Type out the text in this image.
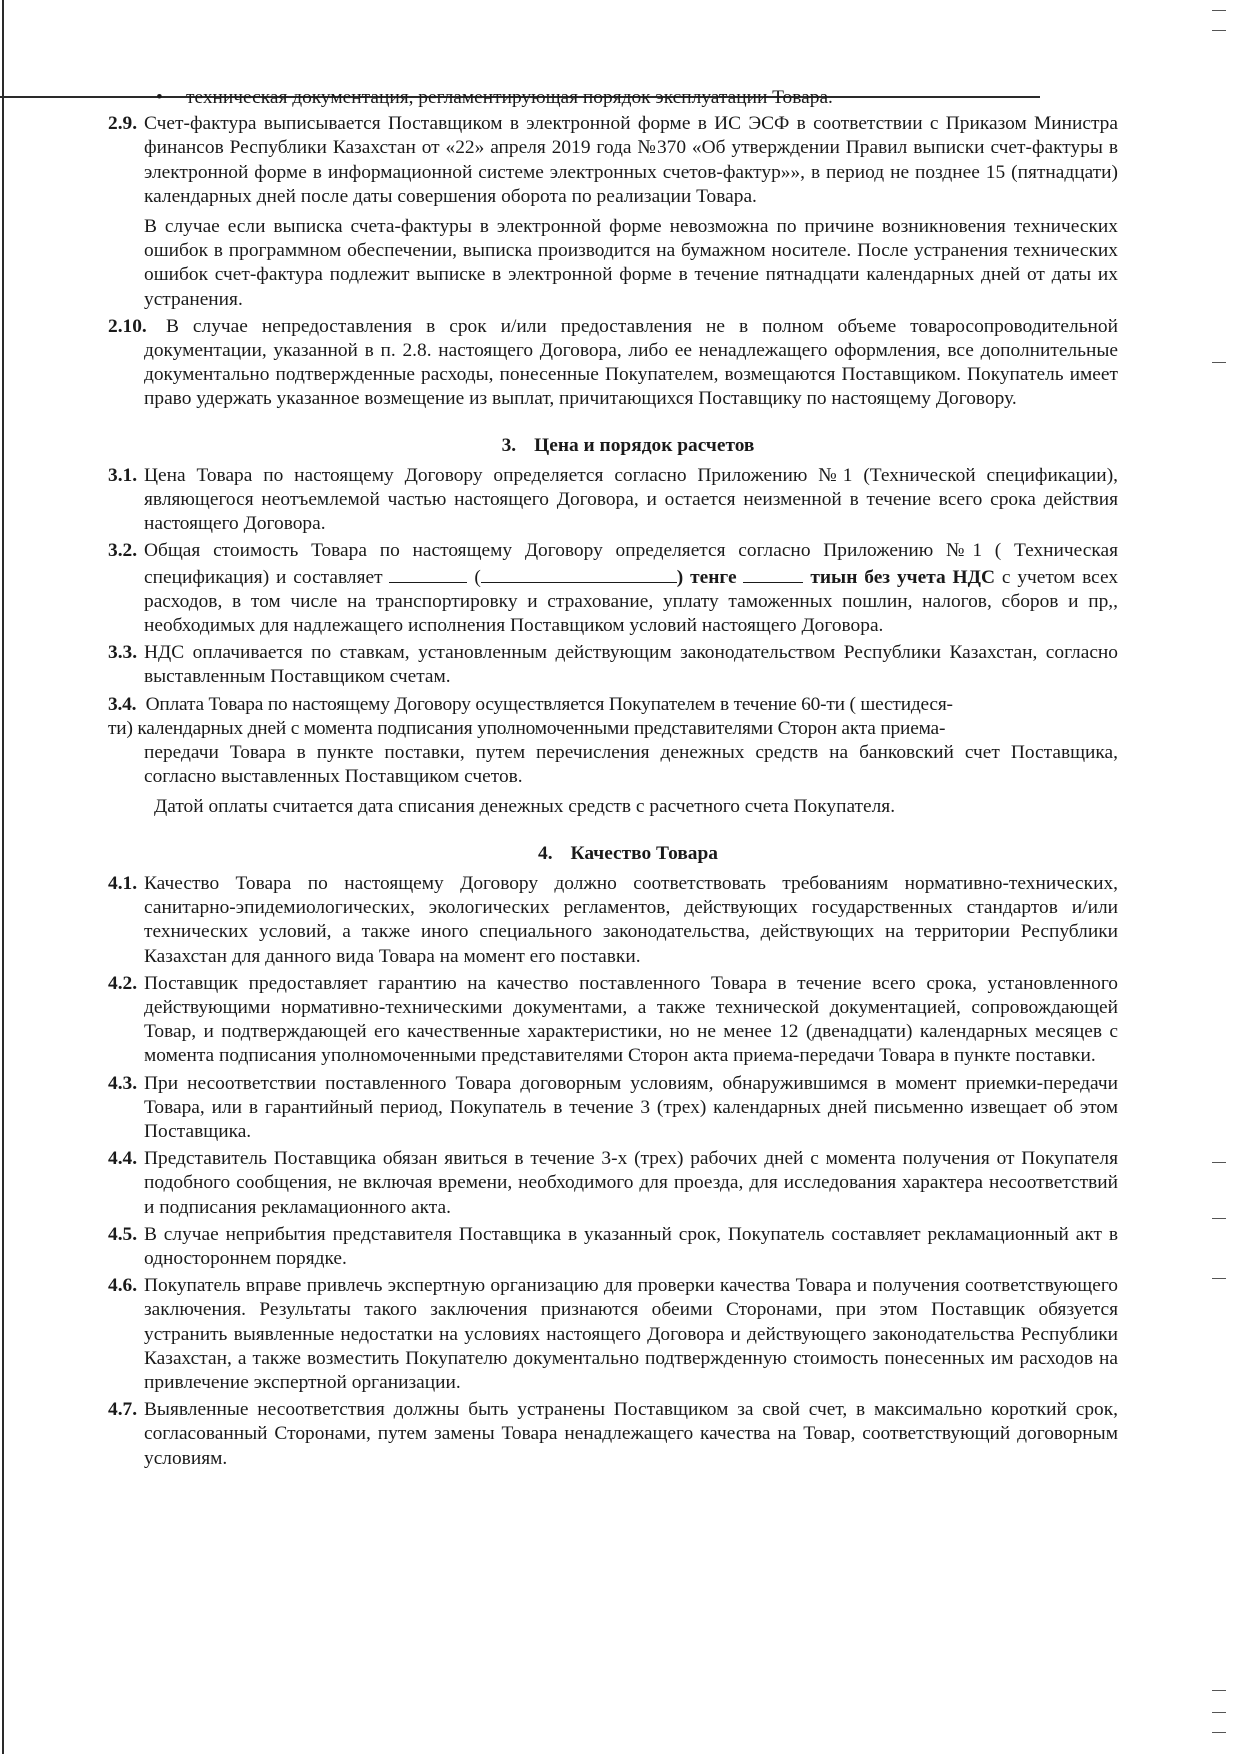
•	техническая документация, регламентирующая порядок эксплуатации Товара.
2.9. Счет-фактура выписывается Поставщиком в электронной форме в ИС ЭСФ в соответствии с Приказом Министра финансов Республики Казахстан от «22» апреля 2019 года №370 «Об утверждении Правил выписки счет-фактуры в электронной форме в информационной системе электронных счетов-фактур»», в период не позднее 15 (пятнадцати) календарных дней после даты совершения оборота по реализации Товара.

В случае если выписка счета-фактуры в электронной форме невозможна по причине возникновения технических ошибок в программном обеспечении, выписка производится на бумажном носителе. После устранения технических ошибок счет-фактура подлежит выписке в электронной форме в течение пятнадцати календарных дней от даты их устранения.

2.10. В случае непредоставления в срок и/или предоставления не в полном объеме товаросопроводительной документации, указанной в п. 2.8. настоящего Договора, либо ее ненадлежащего оформления, все дополнительные документально подтвержденные расходы, понесенные Покупателем, возмещаются Поставщиком. Покупатель имеет право удержать указанное возмещение из выплат, причитающихся Поставщику по настоящему Договору.

3. Цена и порядок расчетов
3.1. Цена Товара по настоящему Договору определяется согласно Приложению №1 (Технической спецификации), являющегося неотъемлемой частью настоящего Договора, и остается неизменной в течение всего срока действия настоящего Договора.

3.2. Общая стоимость Товара по настоящему Договору определяется согласно Приложению №1 ( Техническая спецификация) и составляет	(	) тенге	тиын без учета НДС с учетом всех расходов, в том числе на транспортировку и страхование, уплату таможенных пошлин, налогов, сборов и пр,, необходимых для надлежащего исполнения Поставщиком условий настоящего Договора.

3.3. НДС оплачивается по ставкам, установленным действующим законодательством Республики Казахстан, согласно выставленным Поставщиком счетам.

3.4. Оплата Товара по настоящему Договору осуществляется Покупателем в течение 60-ти ( шестидеся-
ти) календарных дней с момента подписания уполномоченными представителями Сторон акта приема-
передачи Товара в пункте поставки, путем перечисления денежных средств на банковский счет Поставщика, согласно выставленных Поставщиком счетов.
Датой оплаты считается дата списания денежных средств с расчетного счета Покупателя.
4. Качество Товара
4.1. Качество Товара по настоящему Договору должно соответствовать требованиям нормативно-технических, санитарно-эпидемиологических, экологических регламентов, действующих государственных стандартов и/или технических условий, а также иного специального законодательства, действующих на территории Республики Казахстан для данного вида Товара на момент его поставки.

4.2. Поставщик предоставляет гарантию на качество поставленного Товара в течение всего срока, установленного действующими нормативно-техническими документами, а также технической документацией, сопровождающей Товар, и подтверждающей его качественные характеристики, но не менее 12 (двенадцати) календарных месяцев с момента подписания уполномоченными представителями Сторон акта приема-передачи Товара в пункте поставки.

4.3. При несоответствии поставленного Товара договорным условиям, обнаружившимся в момент приемки-передачи Товара, или в гарантийный период, Покупатель в течение 3 (трех) календарных дней письменно извещает об этом Поставщика.

4.4. Представитель Поставщика обязан явиться в течение 3-х (трех) рабочих дней с момента получения от Покупателя подобного сообщения, не включая времени, необходимого для проезда, для исследования характера несоответствий и подписания рекламационного акта.

4.5. В случае неприбытия представителя Поставщика в указанный срок, Покупатель составляет рекламационный акт в одностороннем порядке.

4.6. Покупатель вправе привлечь экспертную организацию для проверки качества Товара и получения соответствующего заключения. Результаты такого заключения признаются обеими Сторонами, при этом Поставщик обязуется устранить выявленные недостатки на условиях настоящего Договора и действующего законодательства Республики Казахстан, а также возместить Покупателю документально подтвержденную стоимость понесенных им расходов на привлечение экспертной организации.

4.7. Выявленные несоответствия должны быть устранены Поставщиком за свой счет, в максимально короткий срок, согласованный Сторонами, путем замены Товара ненадлежащего качества на Товар, соответствующий договорным условиям.
